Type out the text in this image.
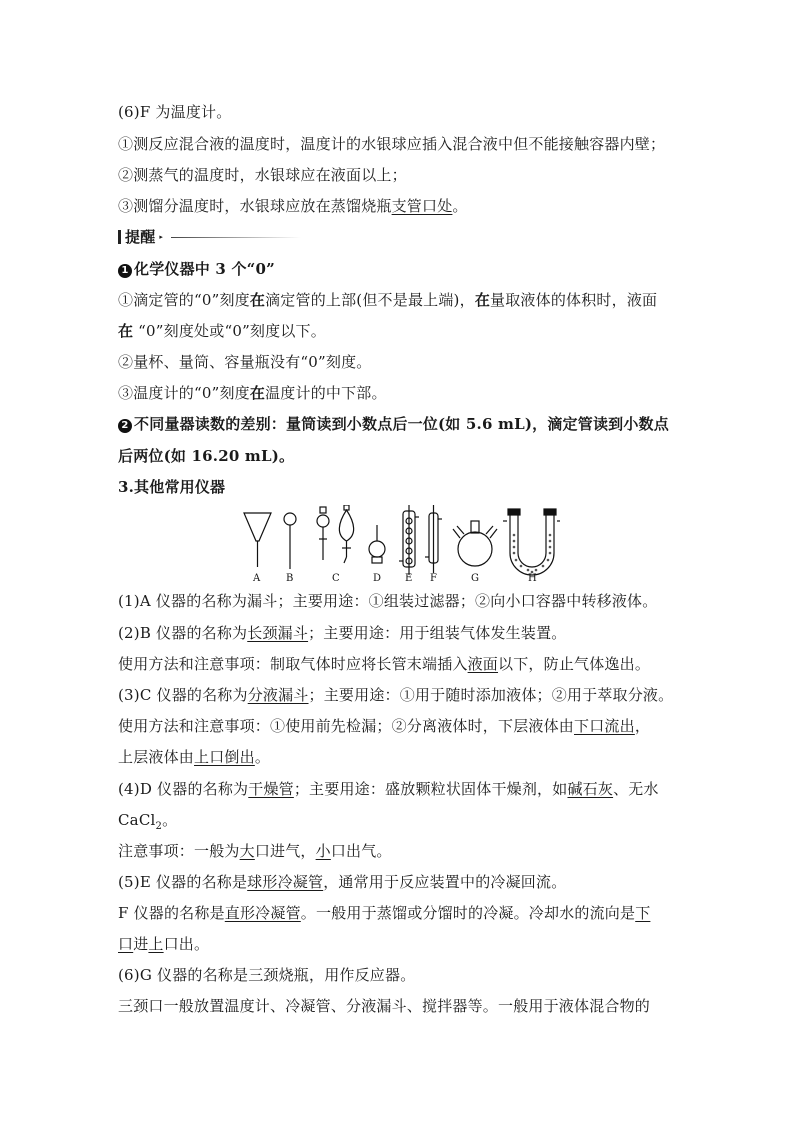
(6)F 为温度计。
①测反应混合液的温度时，温度计的水银球应插入混合液中但不能接触容器内壁；
②测蒸气的温度时，水银球应在液面以上；
③测馏分温度时，水银球应放在蒸馏烧瓶支管口处。
提醒 ▸
1 化学仪器中 3 个“0”
①滴定管的“0”刻度在滴定管的上部(但不是最上端)，在量取液体的体积时，液面
在 “0”刻度处或“0”刻度以下。
②量杯、量筒、容量瓶没有“0”刻度。
③温度计的“0”刻度在温度计的中下部。
2 不同量器读数的差别：量筒读到小数点后一位(如 5.6 mL)，滴定管读到小数点
后两位(如 16.20 mL)。
3.其他常用仪器
(1)A 仪器的名称为漏斗；主要用途：①组装过滤器；②向小口容器中转移液体。
(2)B 仪器的名称为长颈漏斗；主要用途：用于组装气体发生装置。
使用方法和注意事项：制取气体时应将长管末端插入液面以下，防止气体逸出。
(3)C 仪器的名称为分液漏斗；主要用途：①用于随时添加液体；②用于萃取分液。
使用方法和注意事项：①使用前先检漏；②分离液体时，下层液体由下口流出，
上层液体由上口倒出。
(4)D 仪器的名称为干燥管；主要用途：盛放颗粒状固体干燥剂，如碱石灰、无水
CaCl$_2$。
注意事项：一般为大口进气，小口出气。
(5)E 仪器的名称是球形冷凝管，通常用于反应装置中的冷凝回流。
F 仪器的名称是直形冷凝管。一般用于蒸馏或分馏时的冷凝。冷却水的流向是下
口进上口出。
(6)G 仪器的名称是三颈烧瓶，用作反应器。
三颈口一般放置温度计、冷凝管、分液漏斗、搅拌器等。一般用于液体混合物的
A	B	C	D E F	G	H
